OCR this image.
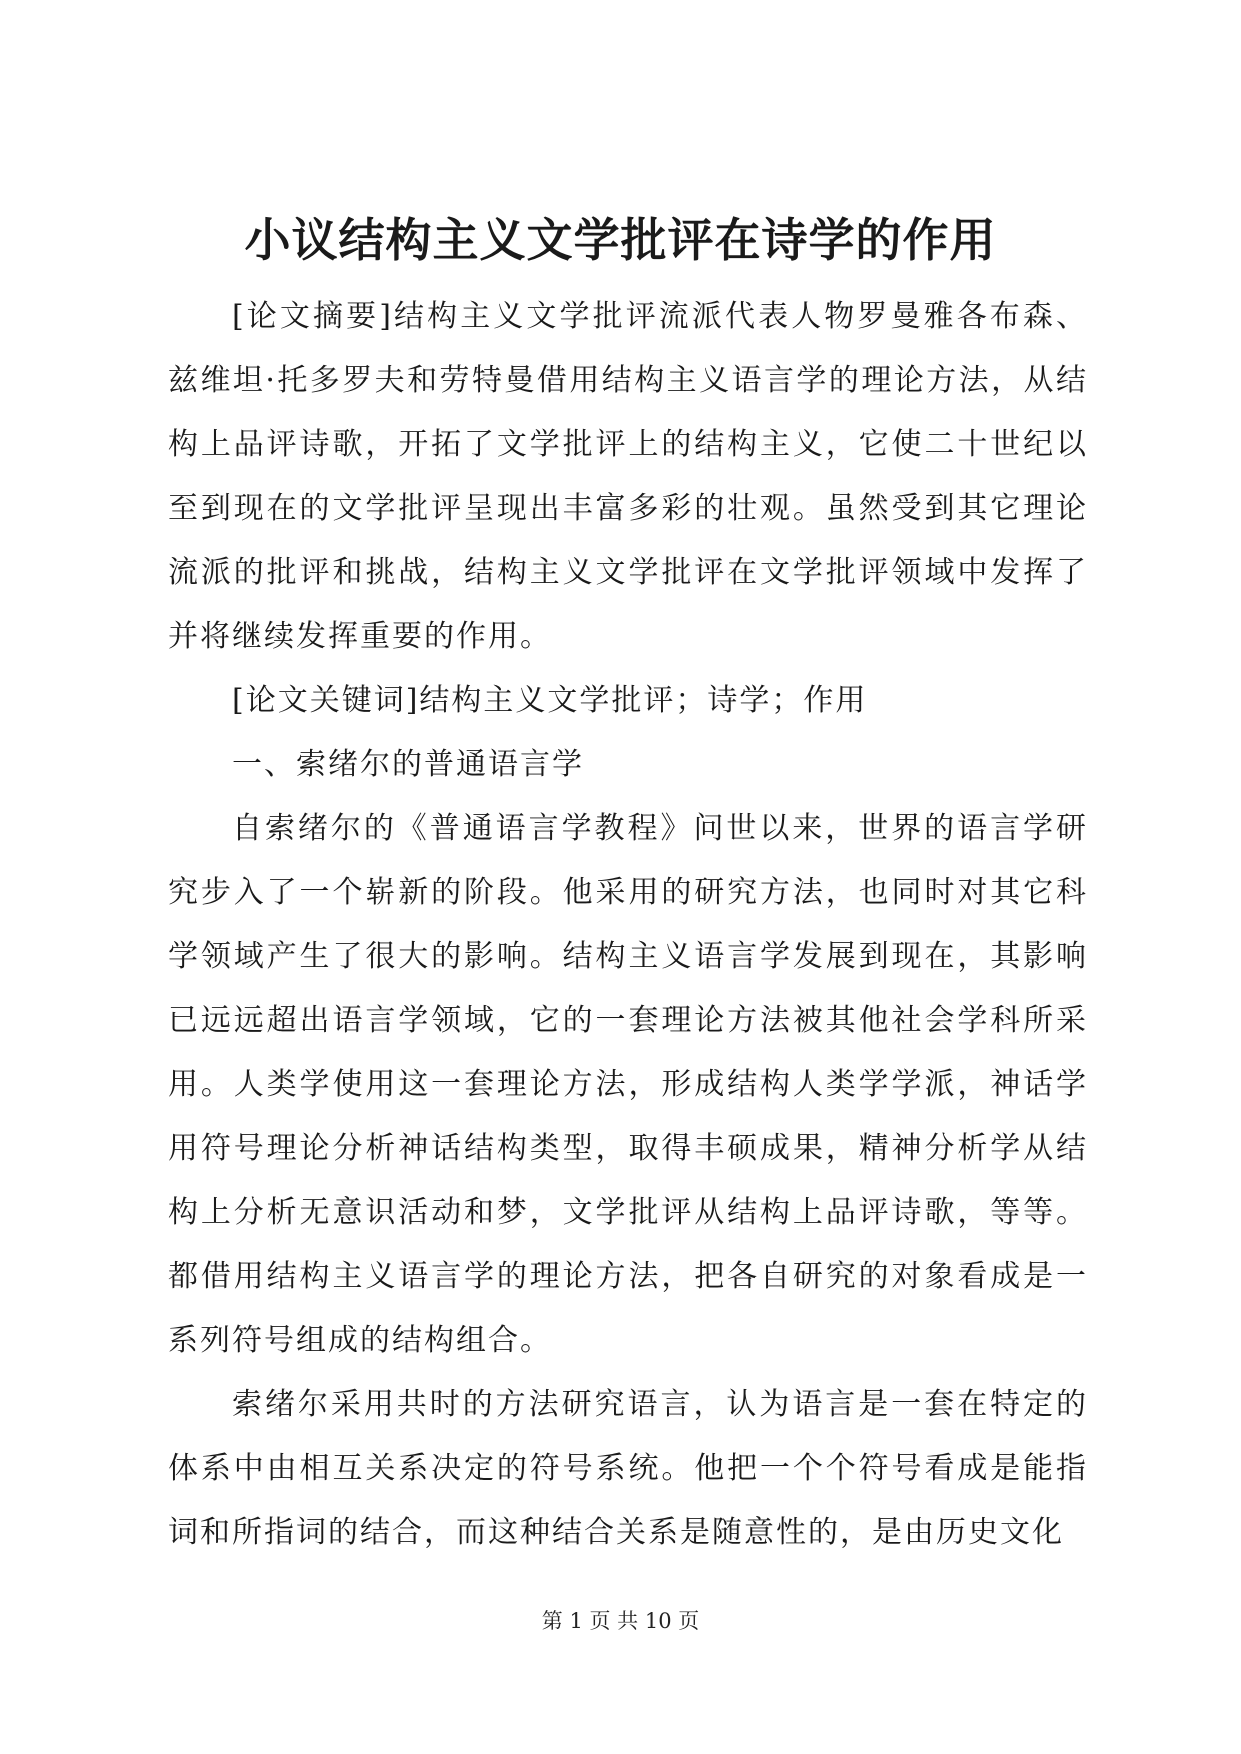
小议结构主义文学批评在诗学的作用

[论文摘要]结构主义文学批评流派代表人物罗曼雅各布森、兹维坦·托多罗夫和劳特曼借用结构主义语言学的理论方法，从结构上品评诗歌，开拓了文学批评上的结构主义，它使二十世纪以至到现在的文学批评呈现出丰富多彩的壮观。虽然受到其它理论流派的批评和挑战，结构主义文学批评在文学批评领域中发挥了并将继续发挥重要的作用。

[论文关键词]结构主义文学批评；诗学；作用

一、索绪尔的普通语言学

自索绪尔的《普通语言学教程》问世以来，世界的语言学研究步入了一个崭新的阶段。他采用的研究方法，也同时对其它科学领域产生了很大的影响。结构主义语言学发展到现在，其影响已远远超出语言学领域，它的一套理论方法被其他社会学科所采用。人类学使用这一套理论方法，形成结构人类学学派，神话学用符号理论分析神话结构类型，取得丰硕成果，精神分析学从结构上分析无意识活动和梦，文学批评从结构上品评诗歌，等等。都借用结构主义语言学的理论方法，把各自研究的对象看成是一系列符号组成的结构组合。

索绪尔采用共时的方法研究语言，认为语言是一套在特定的体系中由相互关系决定的符号系统。他把一个个符号看成是能指词和所指词的结合，而这种结合关系是随意性的，是由历史文化

第 1 页 共 10 页
